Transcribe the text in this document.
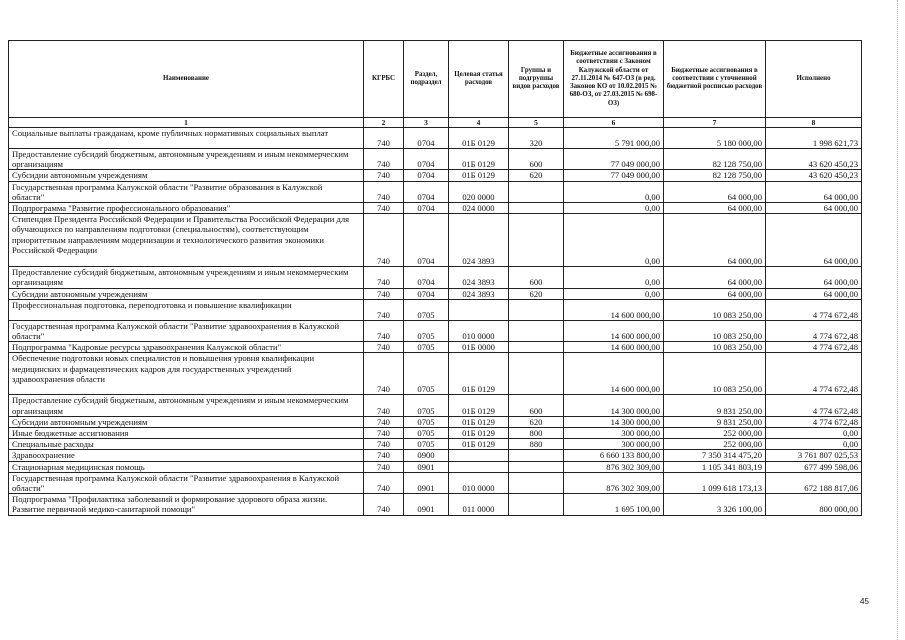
Наименование	КГРБС	Раздел, подраздел	Целевая статья расходов	Группы и подгруппы видов расходов	Бюджетные ассигнования в соответствии с Законом Калужской области от 27.11.2014 № 647-ОЗ (в ред. Законов КО от 10.02.2015 № 680-ОЗ, от 27.03.2015 № 698-ОЗ)	Бюджетные ассигнования в соответствии с уточненной бюджетной росписью расходов	Исполнено
1	2	3	4	5	6	7	8
Социальные выплаты гражданам, кроме публичных нормативных социальных выплат	740	0704	01Б 0129	320	5 791 000,00	5 180 000,00	1 998 621,73
Предоставление субсидий бюджетным, автономным учреждениям и иным некоммерческим организациям	740	0704	01Б 0129	600	77 049 000,00	82 128 750,00	43 620 450,23
Субсидии автономным учреждениям	740	0704	01Б 0129	620	77 049 000,00	82 128 750,00	43 620 450,23
Государственная программа Калужской области "Развитие образования в Калужской области"	740	0704	020 0000		0,00	64 000,00	64 000,00
Подпрограмма "Развитие профессионального образования"	740	0704	024 0000		0,00	64 000,00	64 000,00
Стипендия Президента Российской Федерации и Правительства Российской Федерации для обучающихся по направлениям подготовки (специальностям), соответствующим приоритетным направлениям модернизации и технологического развития экономики Российской Федерации	740	0704	024 3893		0,00	64 000,00	64 000,00
Предоставление субсидий бюджетным, автономным учреждениям и иным некоммерческим организациям	740	0704	024 3893	600	0,00	64 000,00	64 000,00
Субсидии автономным учреждениям	740	0704	024 3893	620	0,00	64 000,00	64 000,00
Профессиональная подготовка, переподготовка и повышение квалификации	740	0705			14 600 000,00	10 083 250,00	4 774 672,48
Государственная программа Калужской области "Развитие здравоохранения в Калужской области"	740	0705	010 0000		14 600 000,00	10 083 250,00	4 774 672,48
Подпрограмма "Кадровые ресурсы здравоохранения Калужской области"	740	0705	01Б 0000		14 600 000,00	10 083 250,00	4 774 672,48
Обеспечение подготовки новых специалистов и повышения уровня квалификации медицинских и фармацевтических кадров для государственных учреждений здравоохранения области	740	0705	01Б 0129		14 600 000,00	10 083 250,00	4 774 672,48
Предоставление субсидий бюджетным, автономным учреждениям и иным некоммерческим организациям	740	0705	01Б 0129	600	14 300 000,00	9 831 250,00	4 774 672,48
Субсидии автономным учреждениям	740	0705	01Б 0129	620	14 300 000,00	9 831 250,00	4 774 672,48
Иные бюджетные ассигнования	740	0705	01Б 0129	800	300 000,00	252 000,00	0,00
Специальные расходы	740	0705	01Б 0129	880	300 000,00	252 000,00	0,00
Здравоохранение	740	0900			6 660 133 800,00	7 350 314 475,20	3 761 807 025,53
Стационарная медицинская помощь	740	0901			876 302 309,00	1 105 341 803,19	677 499 598,06
Государственная программа Калужской области "Развитие здравоохранения в Калужской области"	740	0901	010 0000		876 302 309,00	1 099 618 173,13	672 188 817,06
Подпрограмма "Профилактика заболеваний и формирование здорового образа жизни. Развитие первичной медико-санитарной помощи"	740	0901	011 0000		1 695 100,00	3 326 100,00	800 000,00
45
